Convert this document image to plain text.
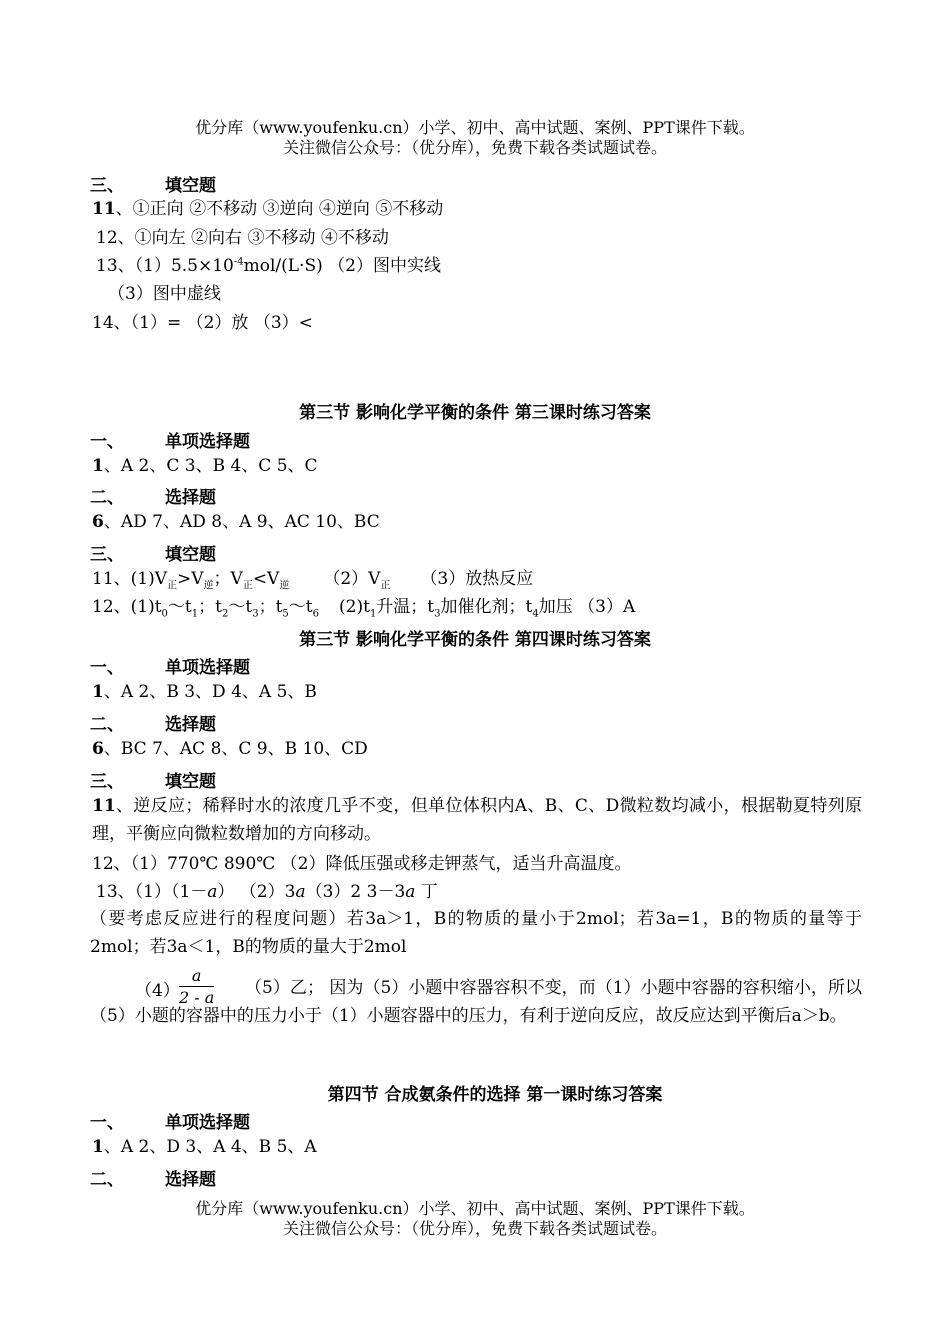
优分库（www.youfenku.cn）小学、初中、高中试题、案例、PPT课件下载。
关注微信公众号：（优分库），免费下载各类试题试卷。
三、 填空题
11、①正向 ②不移动 ③逆向 ④逆向 ⑤不移动
12、①向左 ②向右 ③不移动 ④不移动
13、$(1)5.5\times 10^{-4}mol/(L\cdot S)$ （2）图中实线
（3）图中虚线
14、（1）= （2）放 （3）<
第三节 影响化学平衡的条件 第三课时练习答案
一、 单项选择题
1、A 2、C 3、B 4、C 5、C
二、 选择题
6、AD 7、AD 8、A 9、AC 10、BC
三、 填空题
11、$(1)V_正>V_逆$；$V_正<V_逆$ $(2)V_正$ （3）放热反应
12、$(1)t_0\sim t_1$；$t_2\sim t_3$；$t_5\sim t_6$ $(2)t_1$升温；$t_3$加催化剂；$t_4$加压 （3）A
第三节 影响化学平衡的条件 第四课时练习答案
一、 单项选择题
1、A 2、B 3、D 4、A 5、B
二、 选择题
6、BC 7、AC 8、C 9、B 10、CD
三、 填空题
11、逆反应；稀释时水的浓度几乎不变，但单位体积内A、B、C、D微粒数均减小，根据勒夏特列原理，平衡应向微粒数增加的方向移动。
12、（1）770℃ 890℃ （2）降低压强或移走钾蒸气，适当升高温度。
13、（1）（1－a） （2）3a（3）2 3－3a 丁
（要考虑反应进行的程度问题）若3a＞1，B的物质的量小于2mol；若3a=1，B的物质的量等于2mol；若3a＜1，B的物质的量大于2mol
$(4) \frac{a}{2 - a}$	（5）乙； 因为（5）小题中容器容积不变，而（1）小题中容器的容积缩小，所以（5）小题的容器中的压力小于（1）小题容器中的压力，有利于逆向反应，故反应达到平衡后a＞b。
第四节 合成氨条件的选择 第一课时练习答案
一、 单项选择题
1、A 2、D 3、A 4、B 5、A
二、 选择题
优分库（www.youfenku.cn）小学、初中、高中试题、案例、PPT课件下载。
关注微信公众号：（优分库），免费下载各类试题试卷。
